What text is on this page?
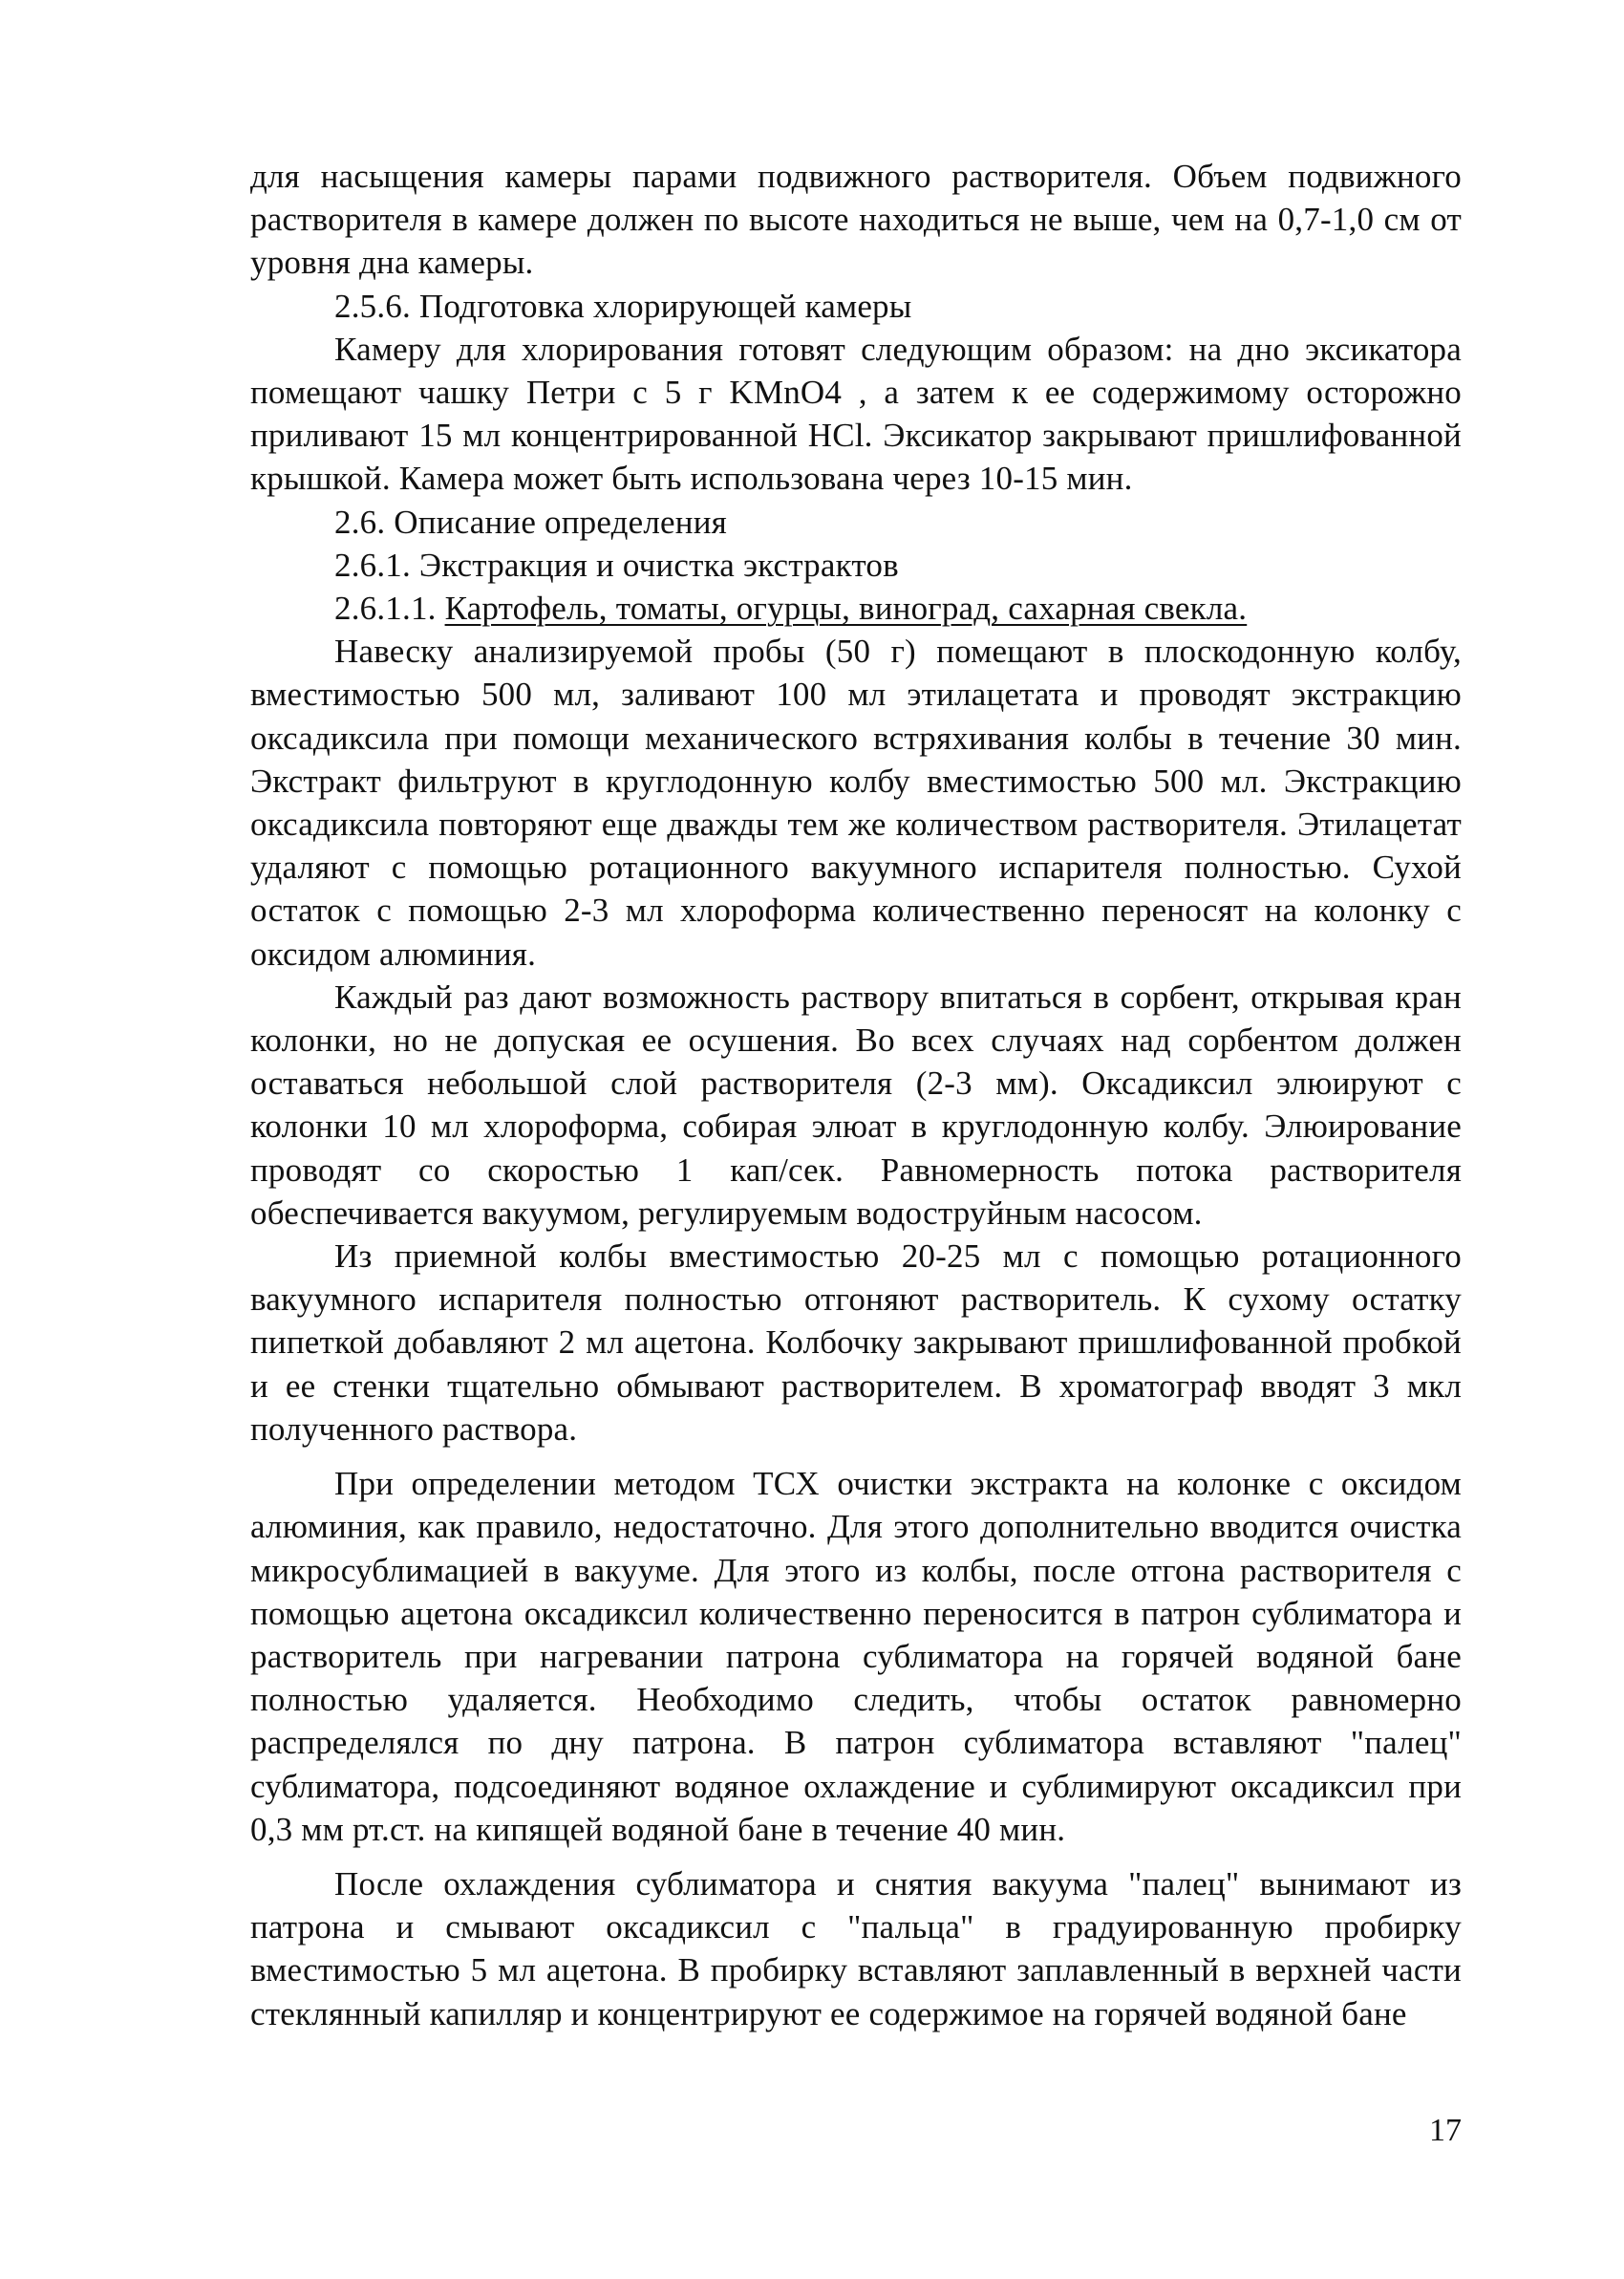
для насыщения камеры парами подвижного растворителя. Объем подвижного растворителя в камере должен по высоте находиться не выше, чем на 0,7-1,0 см от уровня дна камеры.

2.5.6. Подготовка хлорирующей камеры

Камеру для хлорирования готовят следующим образом: на дно эксикатора помещают чашку Петри с 5 г KMnO4 , а затем к ее содержимому осторожно приливают 15 мл концентрированной HCl. Эксикатор закрывают пришлифованной крышкой. Камера может быть использована через 10-15 мин.

2.6. Описание определения

2.6.1. Экстракция и очистка экстрактов

2.6.1.1. Картофель, томаты, огурцы, виноград, сахарная свекла.

Навеску анализируемой пробы (50 г) помещают в плоскодонную колбу, вместимостью 500 мл, заливают 100 мл этилацетата и проводят экстракцию оксадиксила при помощи механического встряхивания колбы в течение 30 мин. Экстракт фильтруют в круглодонную колбу вместимостью 500 мл. Экстракцию оксадиксила повторяют еще дважды тем же количеством растворителя. Этилацетат удаляют с помощью ротационного вакуумного испарителя полностью. Сухой остаток с помощью 2-3 мл хлороформа количественно переносят на колонку с оксидом алюминия.

Каждый раз дают возможность раствору впитаться в сорбент, открывая кран колонки, но не допуская ее осушения. Во всех случаях над сорбентом должен оставаться небольшой слой растворителя (2-3 мм). Оксадиксил элюируют с колонки 10 мл хлороформа, собирая элюат в круглодонную колбу. Элюирование проводят со скоростью 1 кап/сек. Равномерность потока растворителя обеспечивается вакуумом, регулируемым водоструйным насосом.

Из приемной колбы вместимостью 20-25 мл с помощью ротационного вакуумного испарителя полностью отгоняют растворитель. К сухому остатку пипеткой добавляют 2 мл ацетона. Колбочку закрывают пришлифованной пробкой и ее стенки тщательно обмывают растворителем. В хроматограф вводят 3 мкл полученного раствора.

При определении методом ТСХ очистки экстракта на колонке с оксидом алюминия, как правило, недостаточно. Для этого дополнительно вводится очистка микросублимацией в вакууме. Для этого из колбы, после отгона растворителя с помощью ацетона оксадиксил количественно переносится в патрон сублиматора и растворитель при нагревании патрона сублиматора на горячей водяной бане полностью удаляется. Необходимо следить, чтобы остаток равномерно распределялся по дну патрона. В патрон сублиматора вставляют "палец" сублиматора, подсоединяют водяное охлаждение и сублимируют оксадиксил при 0,3 мм рт.ст. на кипящей водяной бане в течение 40 мин.

После охлаждения сублиматора и снятия вакуума "палец" вынимают из патрона и смывают оксадиксил с "пальца" в градуированную пробирку вместимостью 5 мл ацетона. В пробирку вставляют заплавленный в верхней части стеклянный капилляр и концентрируют ее содержимое на горячей водяной бане

17
